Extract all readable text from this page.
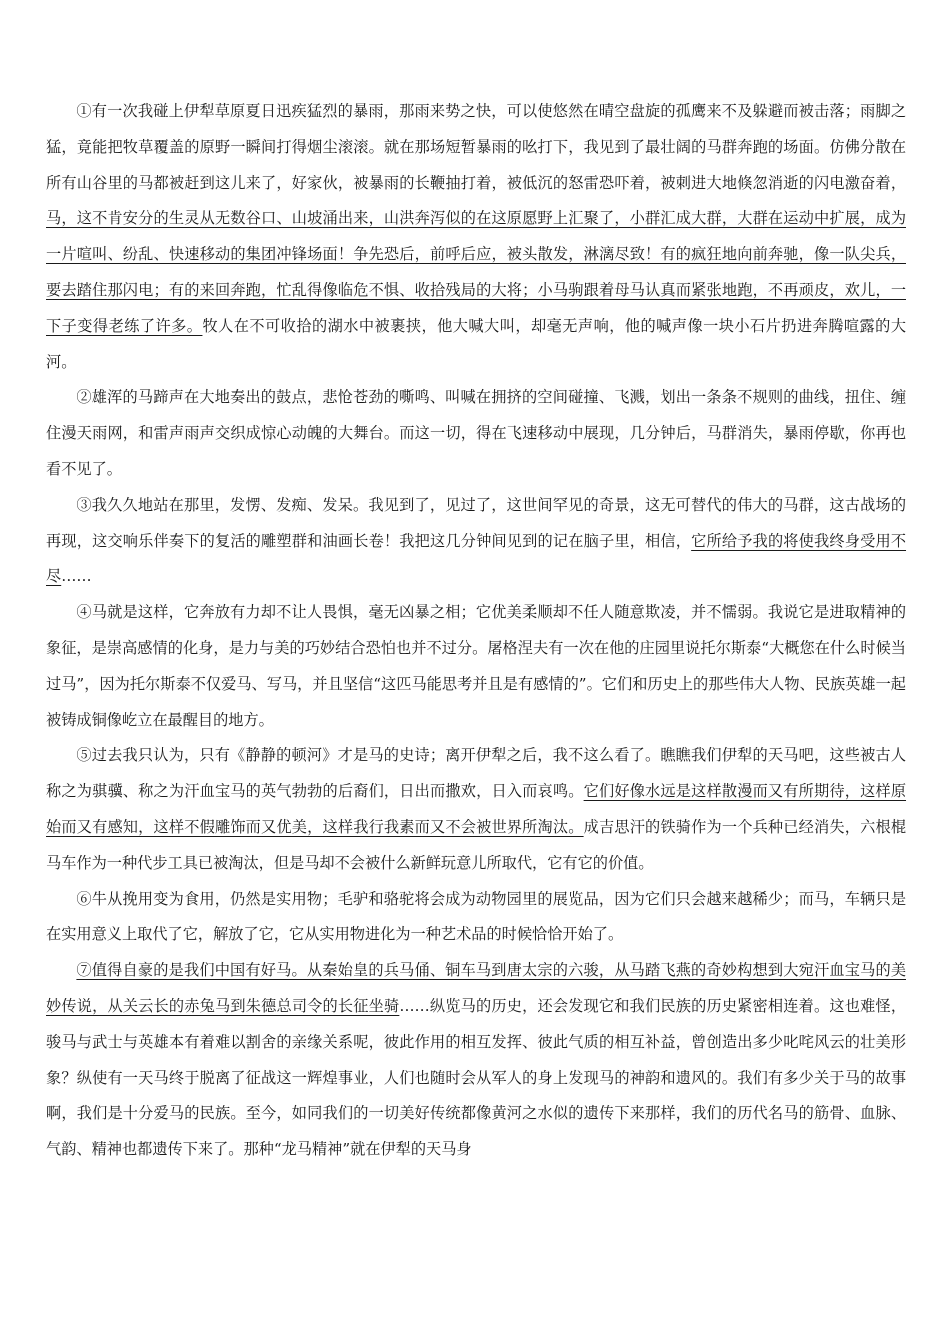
①有一次我碰上伊犁草原夏日迅疾猛烈的暴雨，那雨来势之快，可以使悠然在晴空盘旋的孤鹰来不及躲避而被击落；雨脚之猛，竟能把牧草覆盖的原野一瞬间打得烟尘滚滚。就在那场短暂暴雨的吆打下，我见到了最壮阔的马群奔跑的场面。仿佛分散在所有山谷里的马都被赶到这儿来了，好家伙，被暴雨的长鞭抽打着，被低沉的怒雷恐吓着，被刺进大地倏忽消逝的闪电激奋着，马，这不肯安分的生灵从无数谷口、山坡涌出来，山洪奔泻似的在这原愿野上汇聚了，小群汇成大群，大群在运动中扩展，成为一片喧叫、纷乱、快速移动的集团冲锋场面！争先恐后，前呼后应，被头散发，淋漓尽致！有的疯狂地向前奔驰，像一队尖兵，要去踏住那闪电；有的来回奔跑，忙乱得像临危不惧、收拾残局的大将；小马驹跟着母马认真而紧张地跑，不再顽皮，欢儿，一下子变得老练了许多。牧人在不可收拾的湖水中被裹挟，他大喊大叫，却毫无声响，他的喊声像一块小石片扔进奔腾喧露的大河。

②雄浑的马蹄声在大地奏出的鼓点，悲怆苍劲的嘶鸣、叫喊在拥挤的空间碰撞、飞溅，划出一条条不规则的曲线，扭住、缠住漫天雨网，和雷声雨声交织成惊心动魄的大舞台。而这一切，得在飞速移动中展现，几分钟后，马群消失，暴雨停歇，你再也看不见了。

③我久久地站在那里，发愣、发痴、发呆。我见到了，见过了，这世间罕见的奇景，这无可替代的伟大的马群，这古战场的再现，这交响乐伴奏下的复活的雕塑群和油画长卷！我把这几分钟间见到的记在脑子里，相信，它所给予我的将使我终身受用不尽……

④马就是这样，它奔放有力却不让人畏惧，毫无凶暴之相；它优美柔顺却不任人随意欺凌，并不懦弱。我说它是进取精神的象征，是崇高感情的化身，是力与美的巧妙结合恐怕也并不过分。屠格涅夫有一次在他的庄园里说托尔斯泰“大概您在什么时候当过马”，因为托尔斯泰不仅爱马、写马，并且坚信“这匹马能思考并且是有感情的”。它们和历史上的那些伟大人物、民族英雄一起被铸成铜像屹立在最醒目的地方。

⑤过去我只认为，只有《静静的顿河》才是马的史诗；离开伊犁之后，我不这么看了。瞧瞧我们伊犁的天马吧，这些被古人称之为骐骥、称之为汗血宝马的英气勃勃的后裔们，日出而撒欢，日入而哀鸣。它们好像水远是这样散漫而又有所期待，这样原始而又有感知，这样不假雕饰而又优美，这样我行我素而又不会被世界所淘汰。成吉思汗的铁骑作为一个兵种已经消失，六根棍马车作为一种代步工具已被淘汰，但是马却不会被什么新鲜玩意儿所取代，它有它的价值。

⑥牛从挽用变为食用，仍然是实用物；毛驴和骆驼将会成为动物园里的展览品，因为它们只会越来越稀少；而马，车辆只是在实用意义上取代了它，解放了它，它从实用物进化为一种艺术品的时候恰恰开始了。

⑦值得自豪的是我们中国有好马。从秦始皇的兵马俑、铜车马到唐太宗的六骏，从马踏飞燕的奇妙构想到大宛汗血宝马的美妙传说，从关云长的赤兔马到朱德总司令的长征坐骑……纵览马的历史，还会发现它和我们民族的历史紧密相连着。这也难怪，骏马与武士与英雄本有着难以割舍的亲缘关系呢，彼此作用的相互发挥、彼此气质的相互补益，曾创造出多少叱咤风云的壮美形象？纵使有一天马终于脱离了征战这一辉煌事业，人们也随时会从军人的身上发现马的神韵和遗风的。我们有多少关于马的故事啊，我们是十分爱马的民族。至今，如同我们的一切美好传统都像黄河之水似的遗传下来那样，我们的历代名马的筋骨、血脉、气韵、精神也都遗传下来了。那种“龙马精神”就在伊犁的天马身
